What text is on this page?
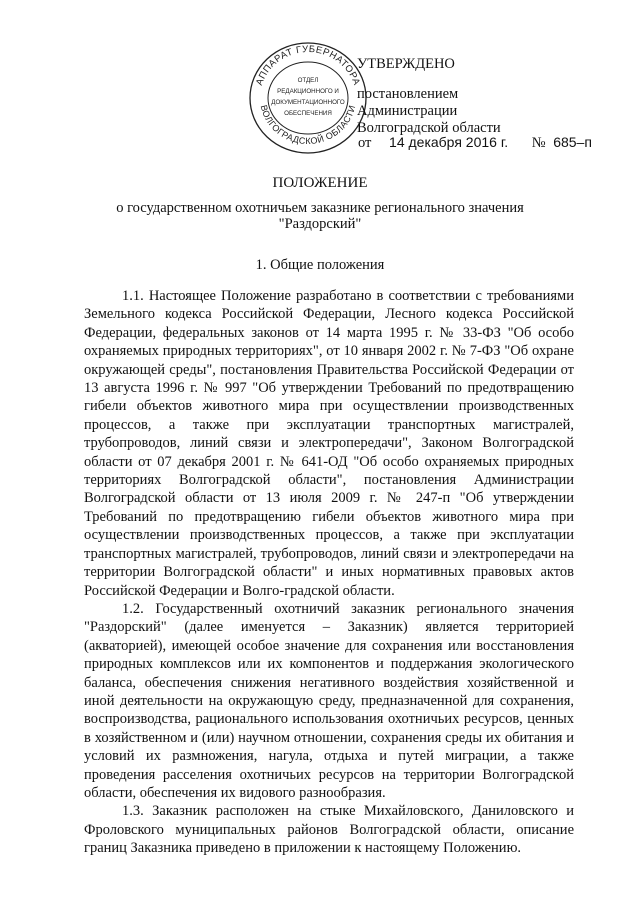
АППАРАТ ГУБЕРНАТОРА
ВОЛГОГРАДСКОЙ ОБЛАСТИ
ОТДЕЛ
РЕДАКЦИОННОГО И
ДОКУМЕНТАЦИОННОГО
ОБЕСПЕЧЕНИЯ
УТВЕРЖДЕНО
постановлением
Администрации
Волгоградской области
от 14 декабря 2016 г. № 685–п
ПОЛОЖЕНИЕ
о государственном охотничьем заказнике регионального значения
"Раздорский"
1. Общие положения

1.1. Настоящее Положение разработано в соответствии с требованиями Земельного кодекса Российской Федерации, Лесного кодекса Российской Федерации, федеральных законов от 14 марта 1995 г. № 33-ФЗ "Об особо охраняемых природных территориях", от 10 января 2002 г. № 7-ФЗ "Об охране окружающей среды", постановления Правительства Российской Федерации от 13 августа 1996 г. № 997 "Об утверждении Требований по предотвращению гибели объектов животного мира при осуществлении производственных процессов, а также при эксплуатации транспортных магистралей, трубопроводов, линий связи и электропередачи", Законом Волгоградской области от 07 декабря 2001 г. № 641-ОД "Об особо охраняемых природных территориях Волгоградской области", постановления Администрации Волгоградской области от 13 июля 2009 г. № 247-п "Об утверждении Требований по предотвращению гибели объектов животного мира при осуществлении производственных процессов, а также при эксплуатации транспортных магистралей, трубопроводов, линий связи и электропередачи на территории Волгоградской области" и иных нормативных правовых актов Российской Федерации и Волго-градской области.

1.2. Государственный охотничий заказник регионального значения "Раздорский" (далее именуется – Заказник) является территорией (акваторией), имеющей особое значение для сохранения или восстановления природных комплексов или их компонентов и поддержания экологического баланса, обеспечения снижения негативного воздействия хозяйственной и иной деятельности на окружающую среду, предназначенной для сохранения, воспроизводства, рационального использования охотничьих ресурсов, ценных в хозяйственном и (или) научном отношении, сохранения среды их обитания и условий их размножения, нагула, отдыха и путей миграции, а также проведения расселения охотничьих ресурсов на территории Волгоградской области, обеспечения их видового разнообразия.

1.3. Заказник расположен на стыке Михайловского, Даниловского и Фроловского муниципальных районов Волгоградской области, описание границ Заказника приведено в приложении к настоящему Положению.
